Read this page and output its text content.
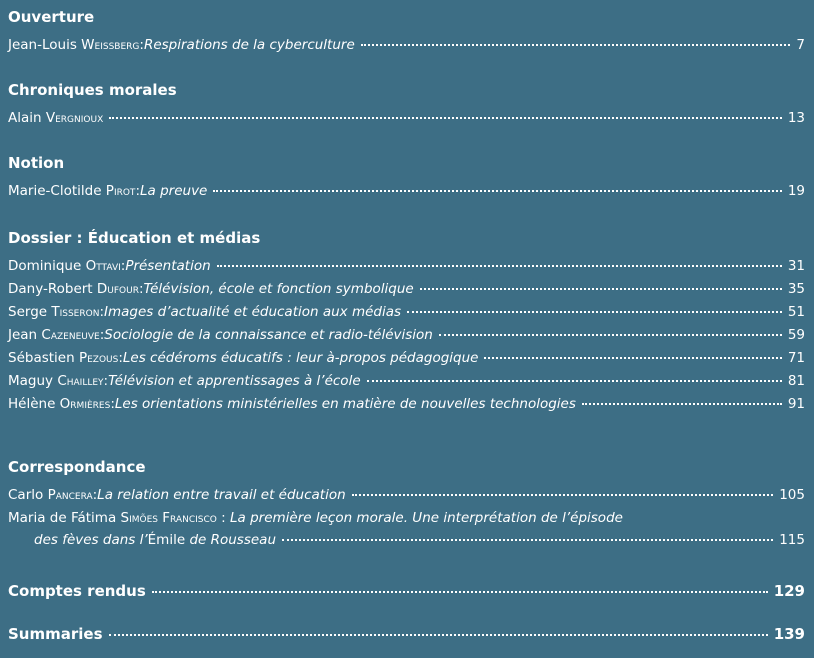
Ouverture
Jean-Louis Weissberg : Respirations de la cyberculture	7
Chroniques morales
Alain Vergnioux	13
Notion
Marie-Clotilde Pirot : La preuve	19
Dossier : Éducation et médias
Dominique Ottavi : Présentation	31
Dany-Robert Dufour : Télévision, école et fonction symbolique	35
Serge Tisseron : Images d’actualité et éducation aux médias	51
Jean Cazeneuve : Sociologie de la connaissance et radio-télévision	59
Sébastien Pezous : Les cédéroms éducatifs : leur à-propos pédagogique	71
Maguy Chailley : Télévision et apprentissages à l’école	81
Hélène Ormières : Les orientations ministérielles en matière de nouvelles technologies	91
Correspondance
Carlo Pancera : La relation entre travail et éducation	105
Maria de Fátima Simões Francisco : La première leçon morale. Une interprétation de l’épisode
des fèves dans l’Émile de Rousseau	115
Comptes rendus	129
Summaries	139
